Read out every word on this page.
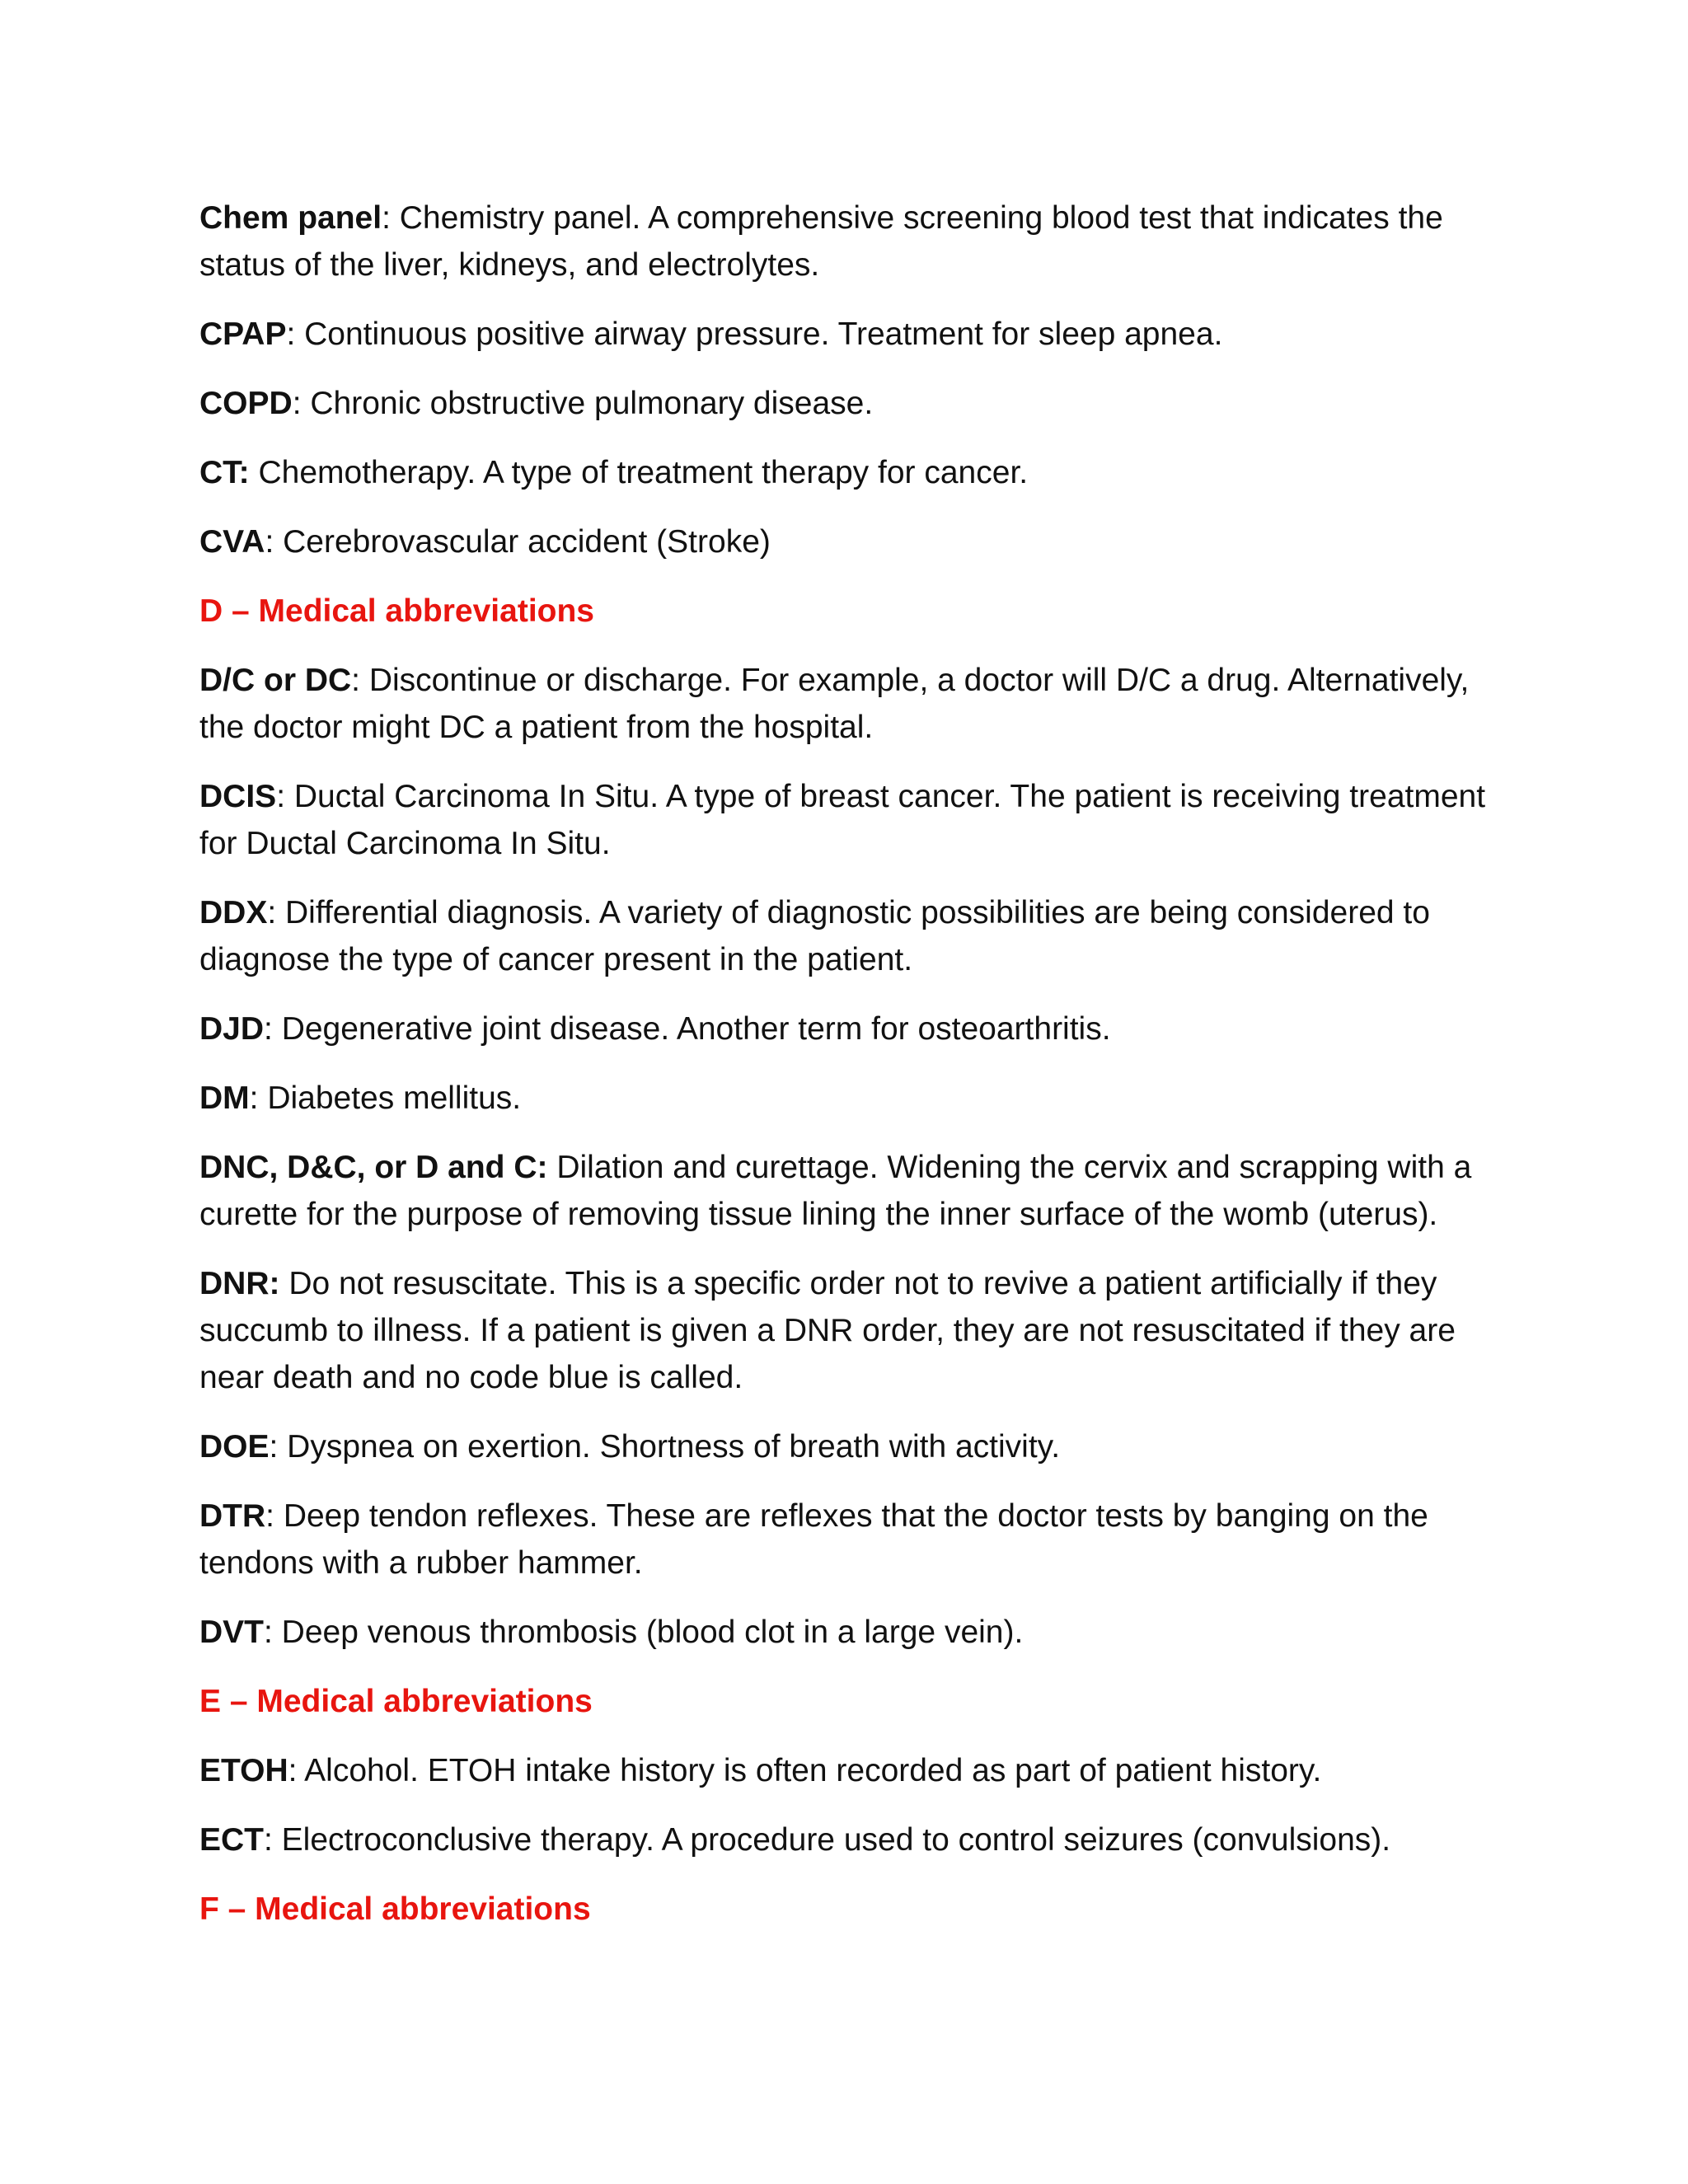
Chem panel: Chemistry panel. A comprehensive screening blood test that indicates the status of the liver, kidneys, and electrolytes.

CPAP: Continuous positive airway pressure. Treatment for sleep apnea.

COPD: Chronic obstructive pulmonary disease.

CT: Chemotherapy. A type of treatment therapy for cancer.

CVA: Cerebrovascular accident (Stroke)

D – Medical abbreviations

D/C or DC: Discontinue or discharge. For example, a doctor will D/C a drug. Alternatively, the doctor might DC a patient from the hospital.

DCIS: Ductal Carcinoma In Situ. A type of breast cancer. The patient is receiving treatment for Ductal Carcinoma In Situ.

DDX: Differential diagnosis. A variety of diagnostic possibilities are being considered to diagnose the type of cancer present in the patient.

DJD: Degenerative joint disease. Another term for osteoarthritis.

DM: Diabetes mellitus.

DNC, D&C, or D and C: Dilation and curettage. Widening the cervix and scrapping with a curette for the purpose of removing tissue lining the inner surface of the womb (uterus).

DNR: Do not resuscitate. This is a specific order not to revive a patient artificially if they succumb to illness. If a patient is given a DNR order, they are not resuscitated if they are near death and no code blue is called.

DOE: Dyspnea on exertion. Shortness of breath with activity.

DTR: Deep tendon reflexes. These are reflexes that the doctor tests by banging on the tendons with a rubber hammer.

DVT: Deep venous thrombosis (blood clot in a large vein).

E – Medical abbreviations

ETOH: Alcohol. ETOH intake history is often recorded as part of patient history.

ECT: Electroconclusive therapy. A procedure used to control seizures (convulsions).

F – Medical abbreviations
